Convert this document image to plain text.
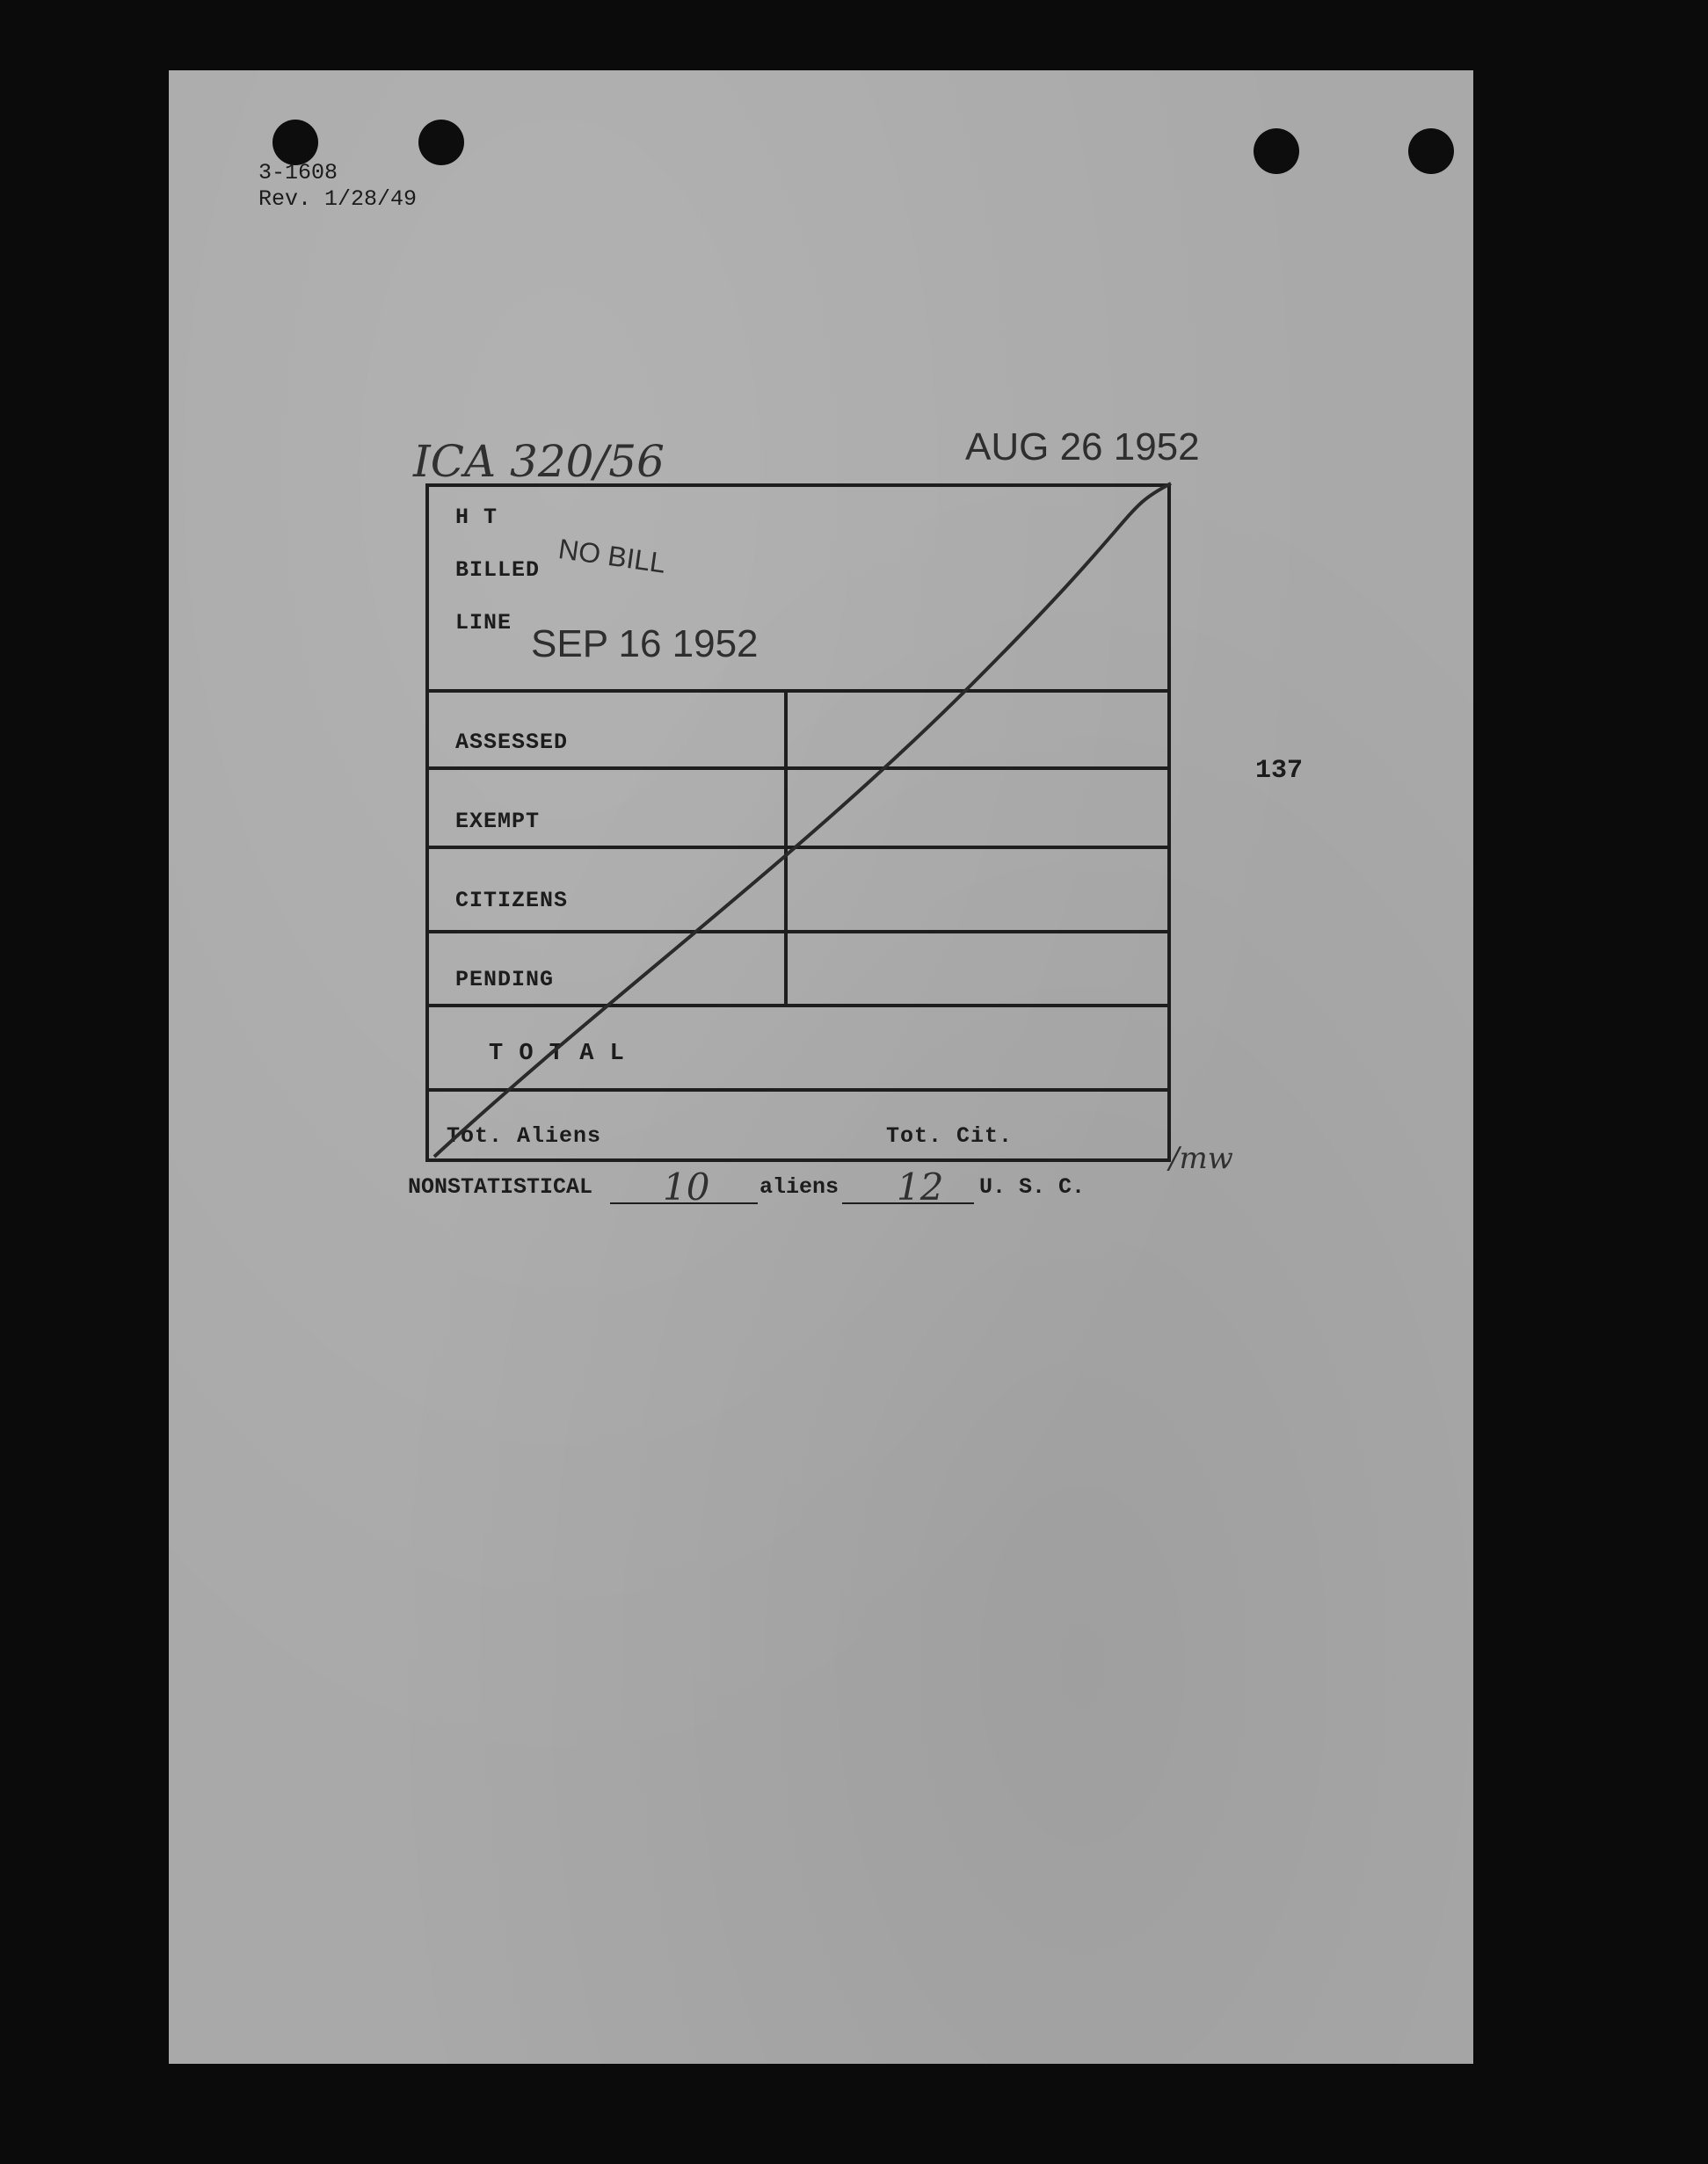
3-1608
Rev. 1/28/49
ICA 320/56	AUG 26 1952
H T
BILLED
LINE
ASSESSED
EXEMPT
CITIZENS
PENDING
T O T A L
Tot. Aliens	Tot. Cit.
NO BILL
SEP 16 1952
137
/mw
NONSTATISTICAL 10 aliens 12 U. S. C.
